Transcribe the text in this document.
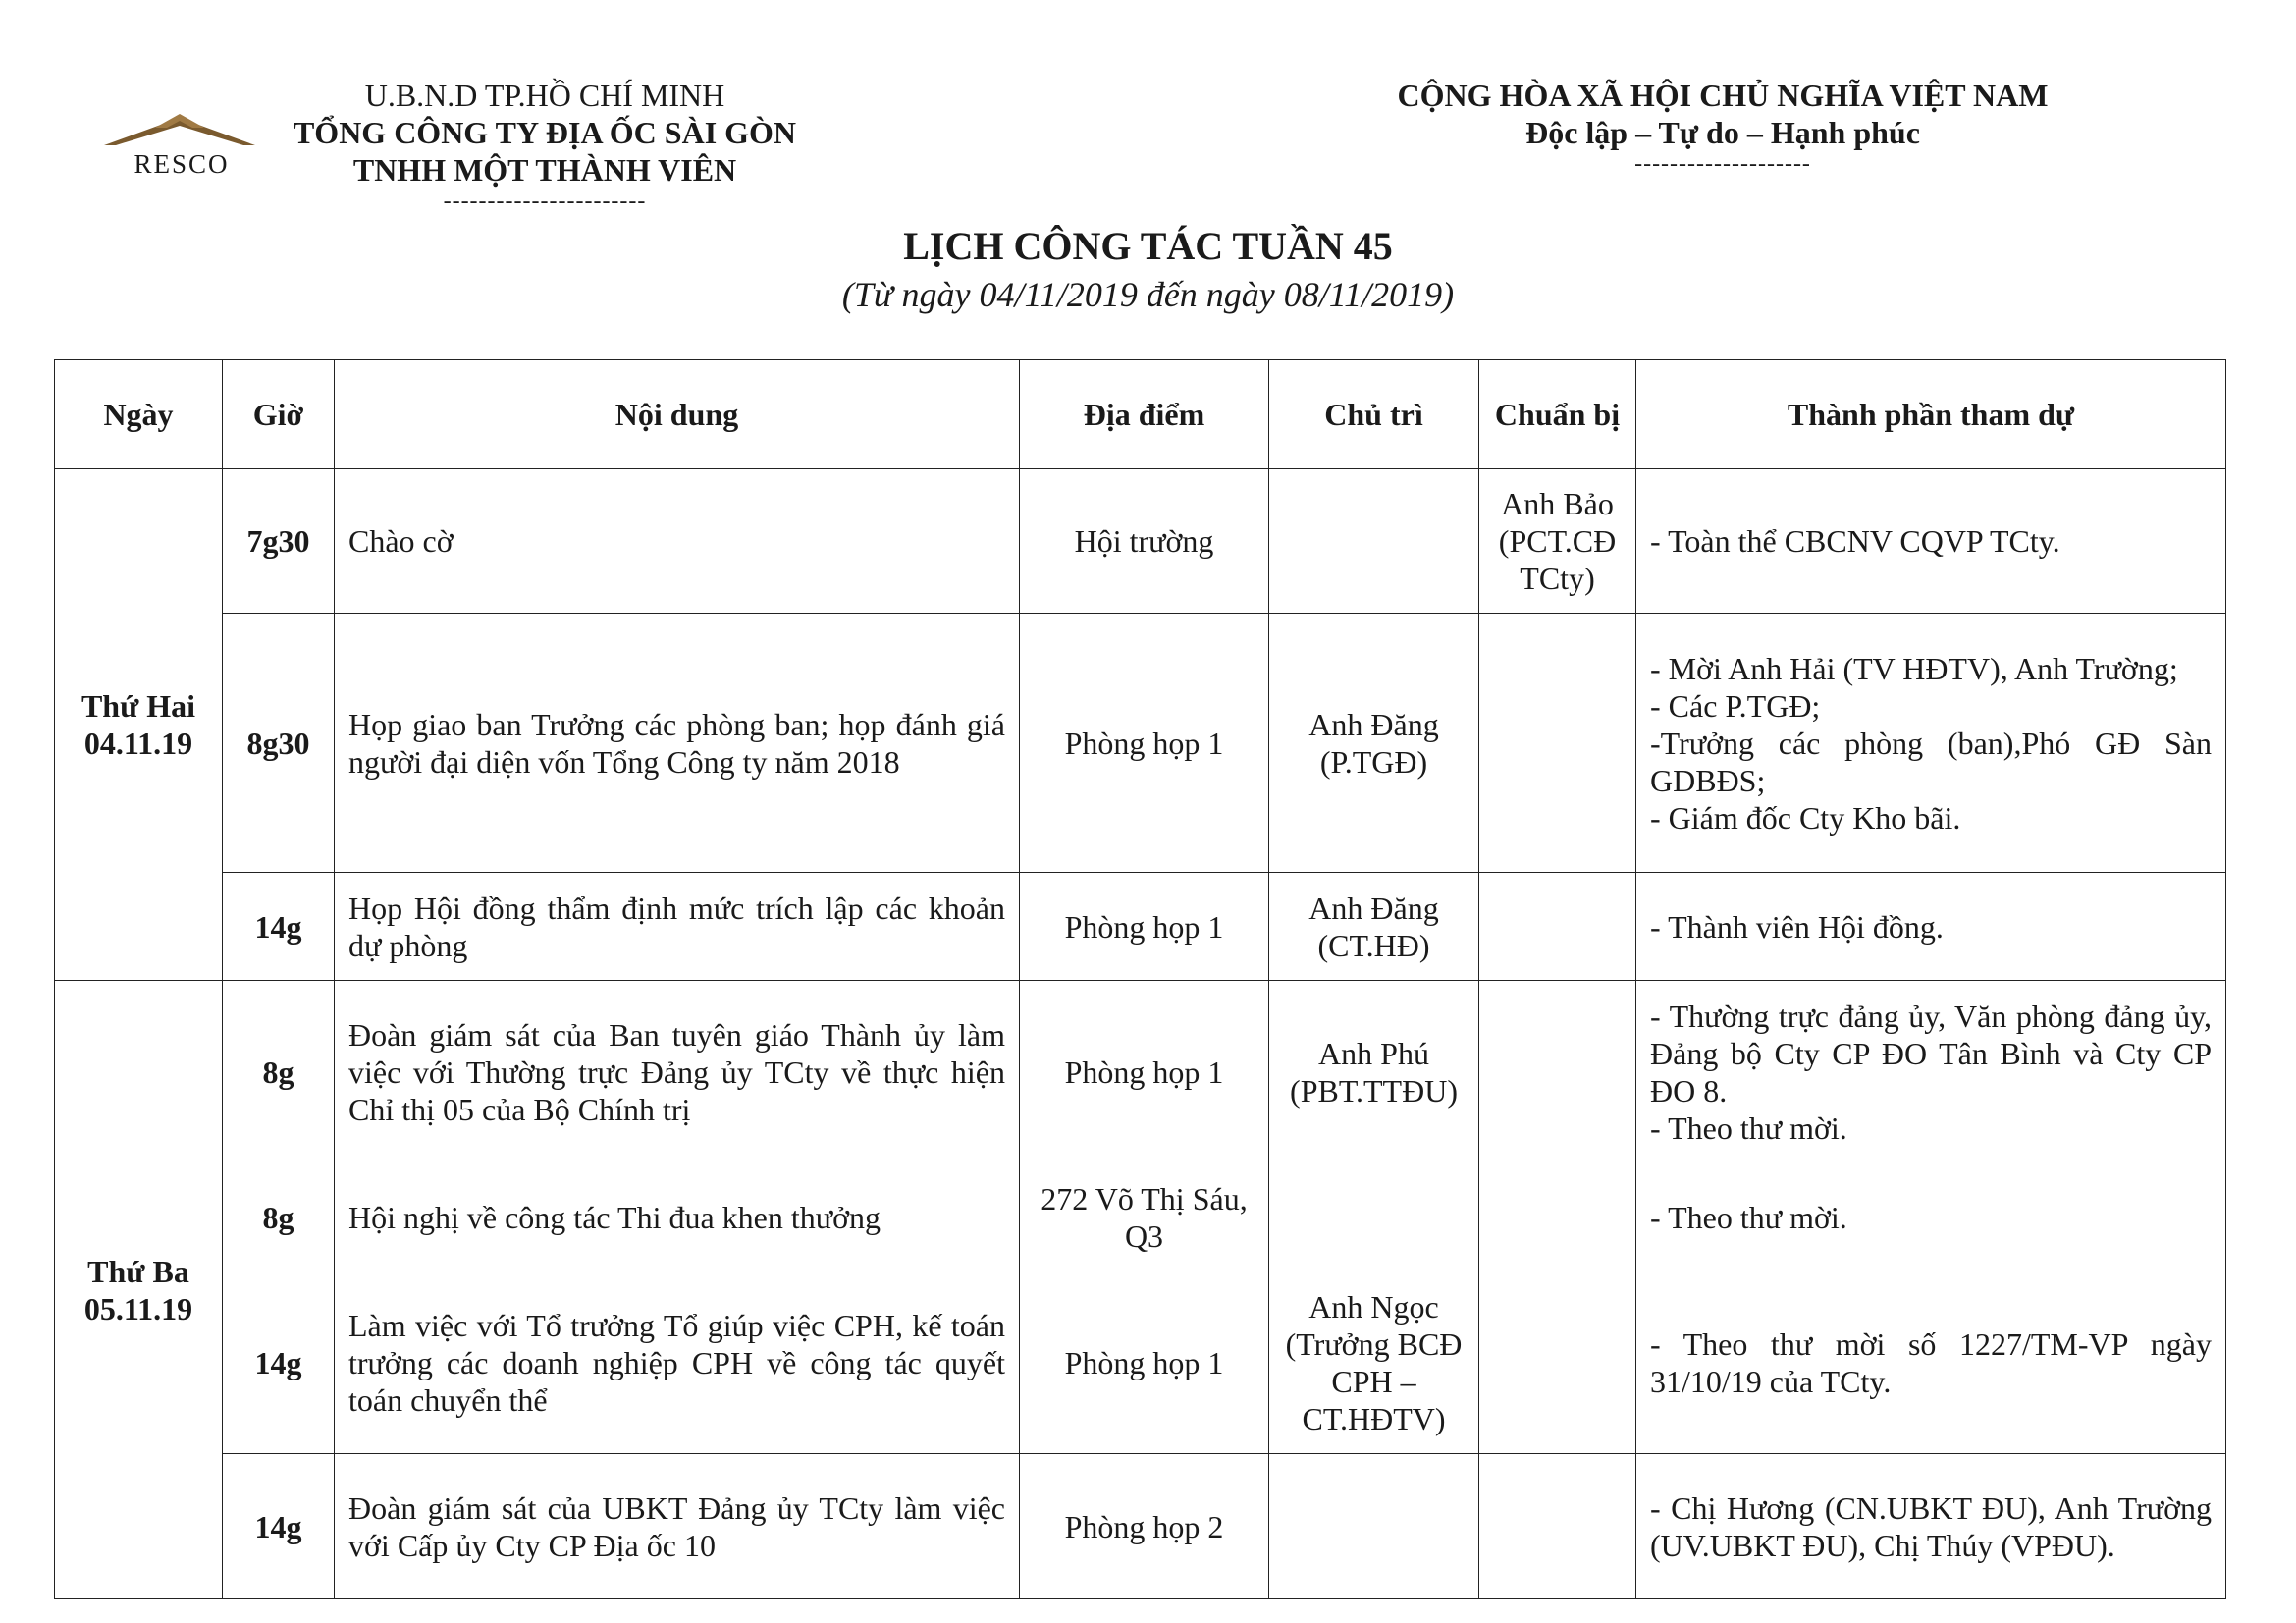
RESCO
U.B.N.D TP.HỒ CHÍ MINH
TỔNG CÔNG TY ĐỊA ỐC SÀI GÒN
TNHH MỘT THÀNH VIÊN
-----------------------
CỘNG HÒA XÃ HỘI CHỦ NGHĨA VIỆT NAM
Độc lập – Tự do – Hạnh phúc
--------------------
LỊCH CÔNG TÁC TUẦN 45
(Từ ngày 04/11/2019 đến ngày 08/11/2019)
Ngày	Giờ	Nội dung	Địa điểm	Chủ trì	Chuẩn bị	Thành phần tham dự

Thứ Hai
04.11.19	7g30	Chào cờ	Hội trường		Anh Bảo (PCT.CĐ TCty)	- Toàn thể CBCNV CQVP TCty.

	8g30	Họp giao ban Trưởng các phòng ban; họp đánh giá người đại diện vốn Tổng Công ty năm 2018	Phòng họp 1	Anh Đăng (P.TGĐ)		- Mời Anh Hải (TV HĐTV), Anh Trường;
- Các P.TGĐ;
-Trưởng các phòng (ban),Phó GĐ Sàn GDBĐS;
- Giám đốc Cty Kho bãi.

	14g	Họp Hội đồng thẩm định mức trích lập các khoản dự phòng	Phòng họp 1	Anh Đăng (CT.HĐ)		- Thành viên Hội đồng.

Thứ Ba
05.11.19	8g	Đoàn giám sát của Ban tuyên giáo Thành ủy làm việc với Thường trực Đảng ủy TCty về thực hiện Chỉ thị 05 của Bộ Chính trị	Phòng họp 1	Anh Phú (PBT.TTĐU)		- Thường trực đảng ủy, Văn phòng đảng ủy, Đảng bộ Cty CP ĐO Tân Bình và Cty CP ĐO 8.
- Theo thư mời.

	8g	Hội nghị về công tác Thi đua khen thưởng	272 Võ Thị Sáu, Q3			- Theo thư mời.

	14g	Làm việc với Tổ trưởng Tổ giúp việc CPH, kế toán trưởng các doanh nghiệp CPH về công tác quyết toán chuyển thể	Phòng họp 1	Anh Ngọc (Trưởng BCĐ CPH – CT.HĐTV)		- Theo thư mời số 1227/TM-VP ngày 31/10/19 của TCty.

	14g	Đoàn giám sát của UBKT Đảng ủy TCty làm việc với Cấp ủy Cty CP Địa ốc 10	Phòng họp 2			- Chị Hương (CN.UBKT ĐU), Anh Trường (UV.UBKT ĐU), Chị Thúy (VPĐU).
